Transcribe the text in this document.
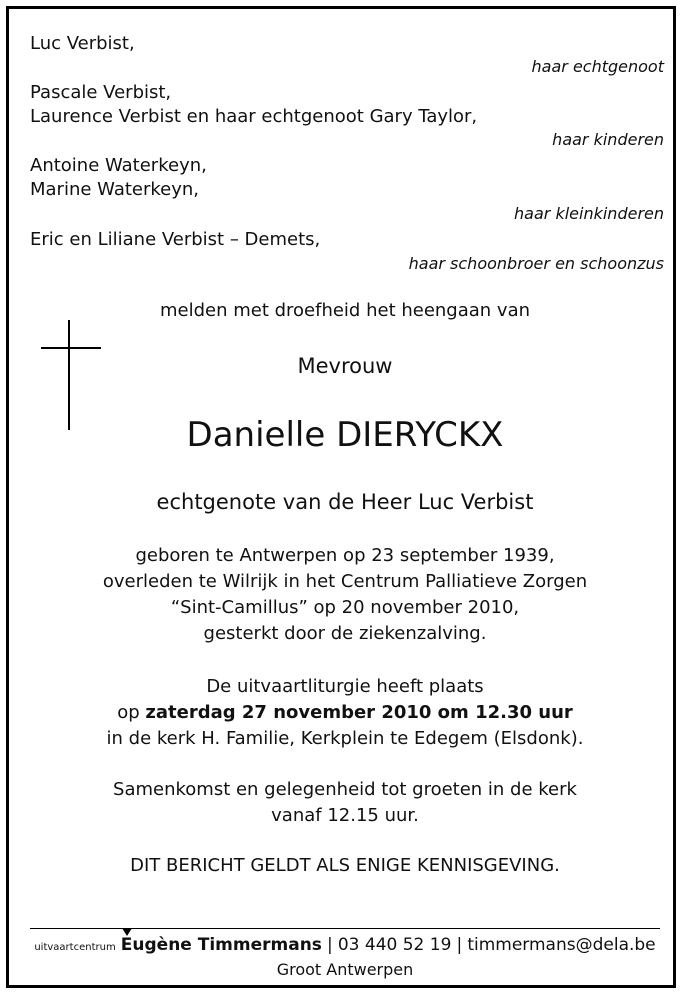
Luc Verbist,
haar echtgenoot
Pascale Verbist,
Laurence Verbist en haar echtgenoot Gary Taylor,
haar kinderen
Antoine Waterkeyn,
Marine Waterkeyn,
haar kleinkinderen
Eric en Liliane Verbist – Demets,
haar schoonbroer en schoonzus
melden met droefheid het heengaan van
Mevrouw
Danielle DIERYCKX
echtgenote van de Heer Luc Verbist
geboren te Antwerpen op 23 september 1939,
overleden te Wilrijk in het Centrum Palliatieve Zorgen
“Sint-Camillus” op 20 november 2010,
gesterkt door de ziekenzalving.
De uitvaartliturgie heeft plaats
op zaterdag 27 november 2010 om 12.30 uur
in de kerk H. Familie, Kerkplein te Edegem (Elsdonk).
Samenkomst en gelegenheid tot groeten in de kerk
vanaf 12.15 uur.
DIT BERICHT GELDT ALS ENIGE KENNISGEVING.
uitvaartcentrum Eugène Timmermans | 03 440 52 19 | timmermans@dela.be
Groot Antwerpen
